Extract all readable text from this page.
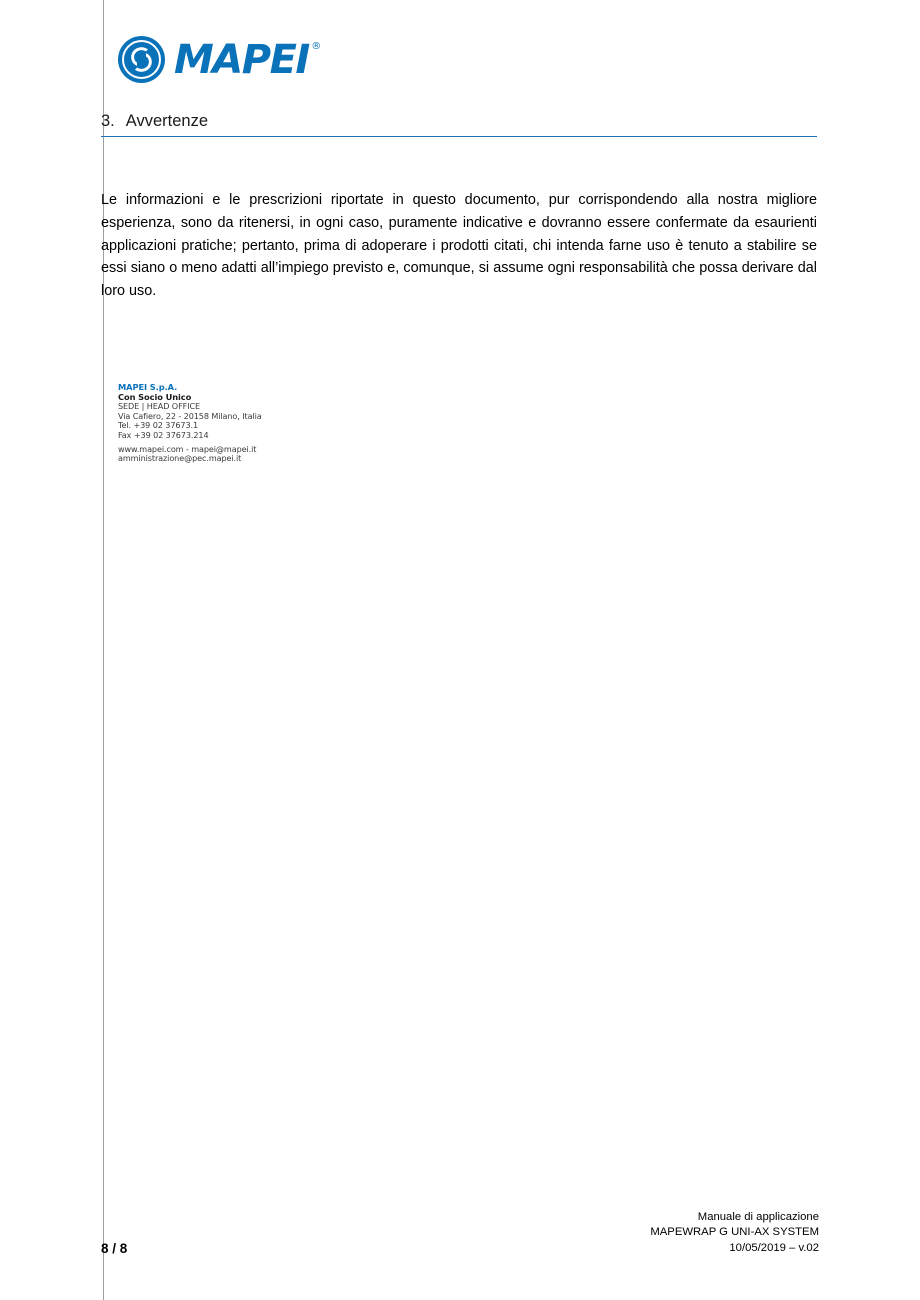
MAPEI ®
3. Avvertenze

Le informazioni e le prescrizioni riportate in questo documento, pur corrispondendo alla nostra migliore esperienza, sono da ritenersi, in ogni caso, puramente indicative e dovranno essere confermate da esaurienti applicazioni pratiche; pertanto, prima di adoperare i prodotti citati, chi intenda farne uso è tenuto a stabilire se essi siano o meno adatti all’impiego previsto e, comunque, si assume ogni responsabilità che possa derivare dal loro uso.

MAPEI S.p.A.
Con Socio Unico
SEDE | HEAD OFFICE
Via Cafiero, 22 - 20158 Milano, Italia
Tel. +39 02 37673.1
Fax +39 02 37673.214
www.mapei.com - mapei@mapei.it
amministrazione@pec.mapei.it
8 / 8
Manuale di applicazione
MAPEWRAP G UNI-AX SYSTEM
10/05/2019 – v.02
